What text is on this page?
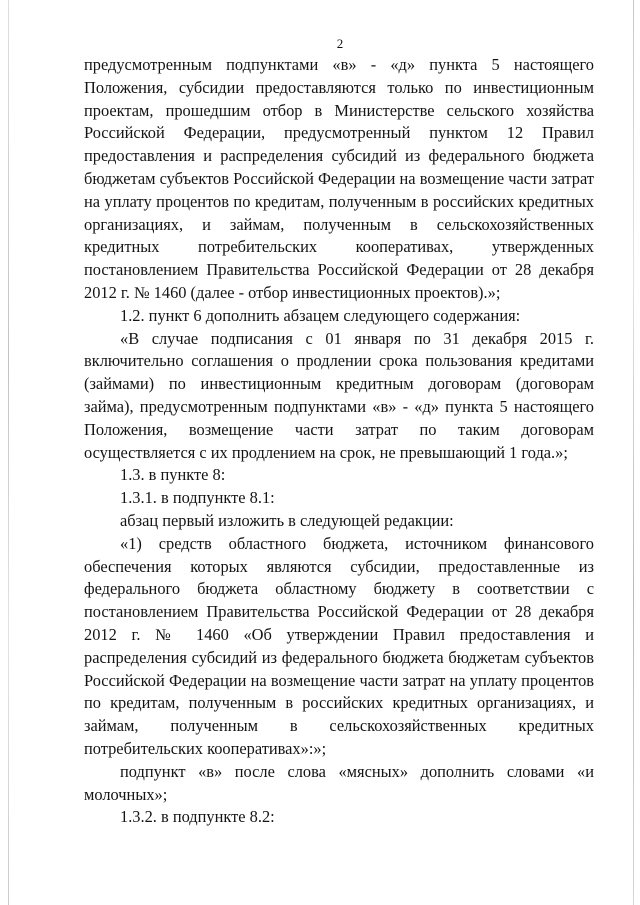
2

предусмотренным подпунктами «в» - «д» пункта 5 настоящего Положения, субсидии предоставляются только по инвестиционным проектам, прошедшим отбор в Министерстве сельского хозяйства Российской Федерации, предусмотренный пунктом 12 Правил предоставления и распределения субсидий из федерального бюджета бюджетам субъектов Российской Федерации на возмещение части затрат на уплату процентов по кредитам, полученным в российских кредитных организациях, и займам, полученным в сельскохозяйственных кредитных потребительских кооперативах, утвержденных постановлением Правительства Российской Федерации от 28 декабря 2012 г. № 1460 (далее - отбор инвестиционных проектов).»;

1.2. пункт 6 дополнить абзацем следующего содержания:

«В случае подписания с 01 января по 31 декабря 2015 г. включительно соглашения о продлении срока пользования кредитами (займами) по инвестиционным кредитным договорам (договорам займа), предусмотренным подпунктами «в» - «д» пункта 5 настоящего Положения, возмещение части затрат по таким договорам осуществляется с их продлением на срок, не превышающий 1 года.»;

1.3. в пункте 8:

1.3.1. в подпункте 8.1:

абзац первый изложить в следующей редакции:

«1) средств областного бюджета, источником финансового обеспечения которых являются субсидии, предоставленные из федерального бюджета областному бюджету в соответствии с постановлением Правительства Российской Федерации от 28 декабря 2012 г. № 1460 «Об утверждении Правил предоставления и распределения субсидий из федерального бюджета бюджетам субъектов Российской Федерации на возмещение части затрат на уплату процентов по кредитам, полученным в российских кредитных организациях, и займам, полученным в сельскохозяйственных кредитных потребительских кооперативах»:»;

подпункт «в» после слова «мясных» дополнить словами «и молочных»;

1.3.2. в подпункте 8.2:
